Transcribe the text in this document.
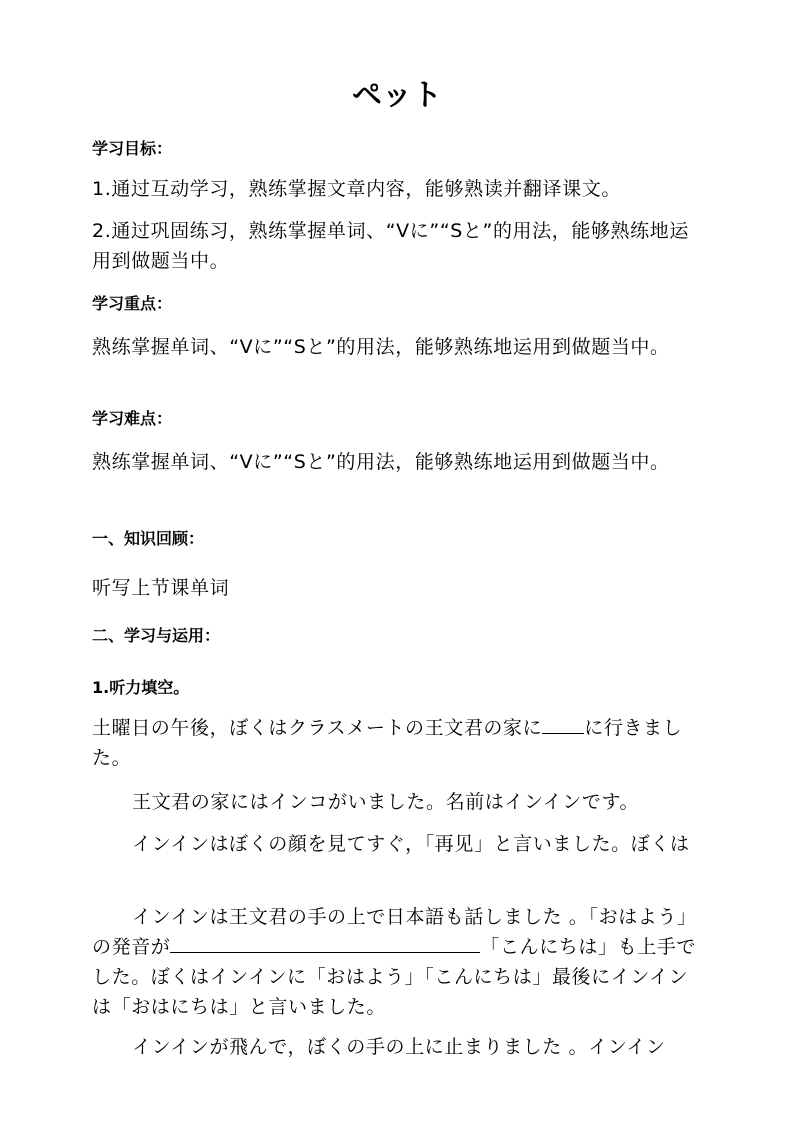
ペット
学习目标：
1.通过互动学习，熟练掌握文章内容，能够熟读并翻译课文。
2.通过巩固练习，熟练掌握单词、“Vに”“Sと”的用法，能够熟练地运用到做题当中。
学习重点：
熟练掌握单词、“Vに”“Sと”的用法，能够熟练地运用到做题当中。
学习难点：
熟练掌握单词、“Vに”“Sと”的用法，能够熟练地运用到做题当中。
一、知识回顾：
听写上节课单词
二、学习与运用：
1.听力填空。
土曜日の午後，ぼくはクラスメートの王文君の家に に行きました。
王文君の家にはインコがいました。名前はインインです。
インインはぼくの顔を見てすぐ，「再见」と言いました。ぼくは
インインは王文君の手の上で日本語も話しました 。「おはよう」の発音が	「こんにちは」も上手でした。ぼくはインインに「おはよう」「こんにちは」最後にインインは「おはにちは」と言いました。
インインが飛んで，ぼくの手の上に止まりました 。インイン
